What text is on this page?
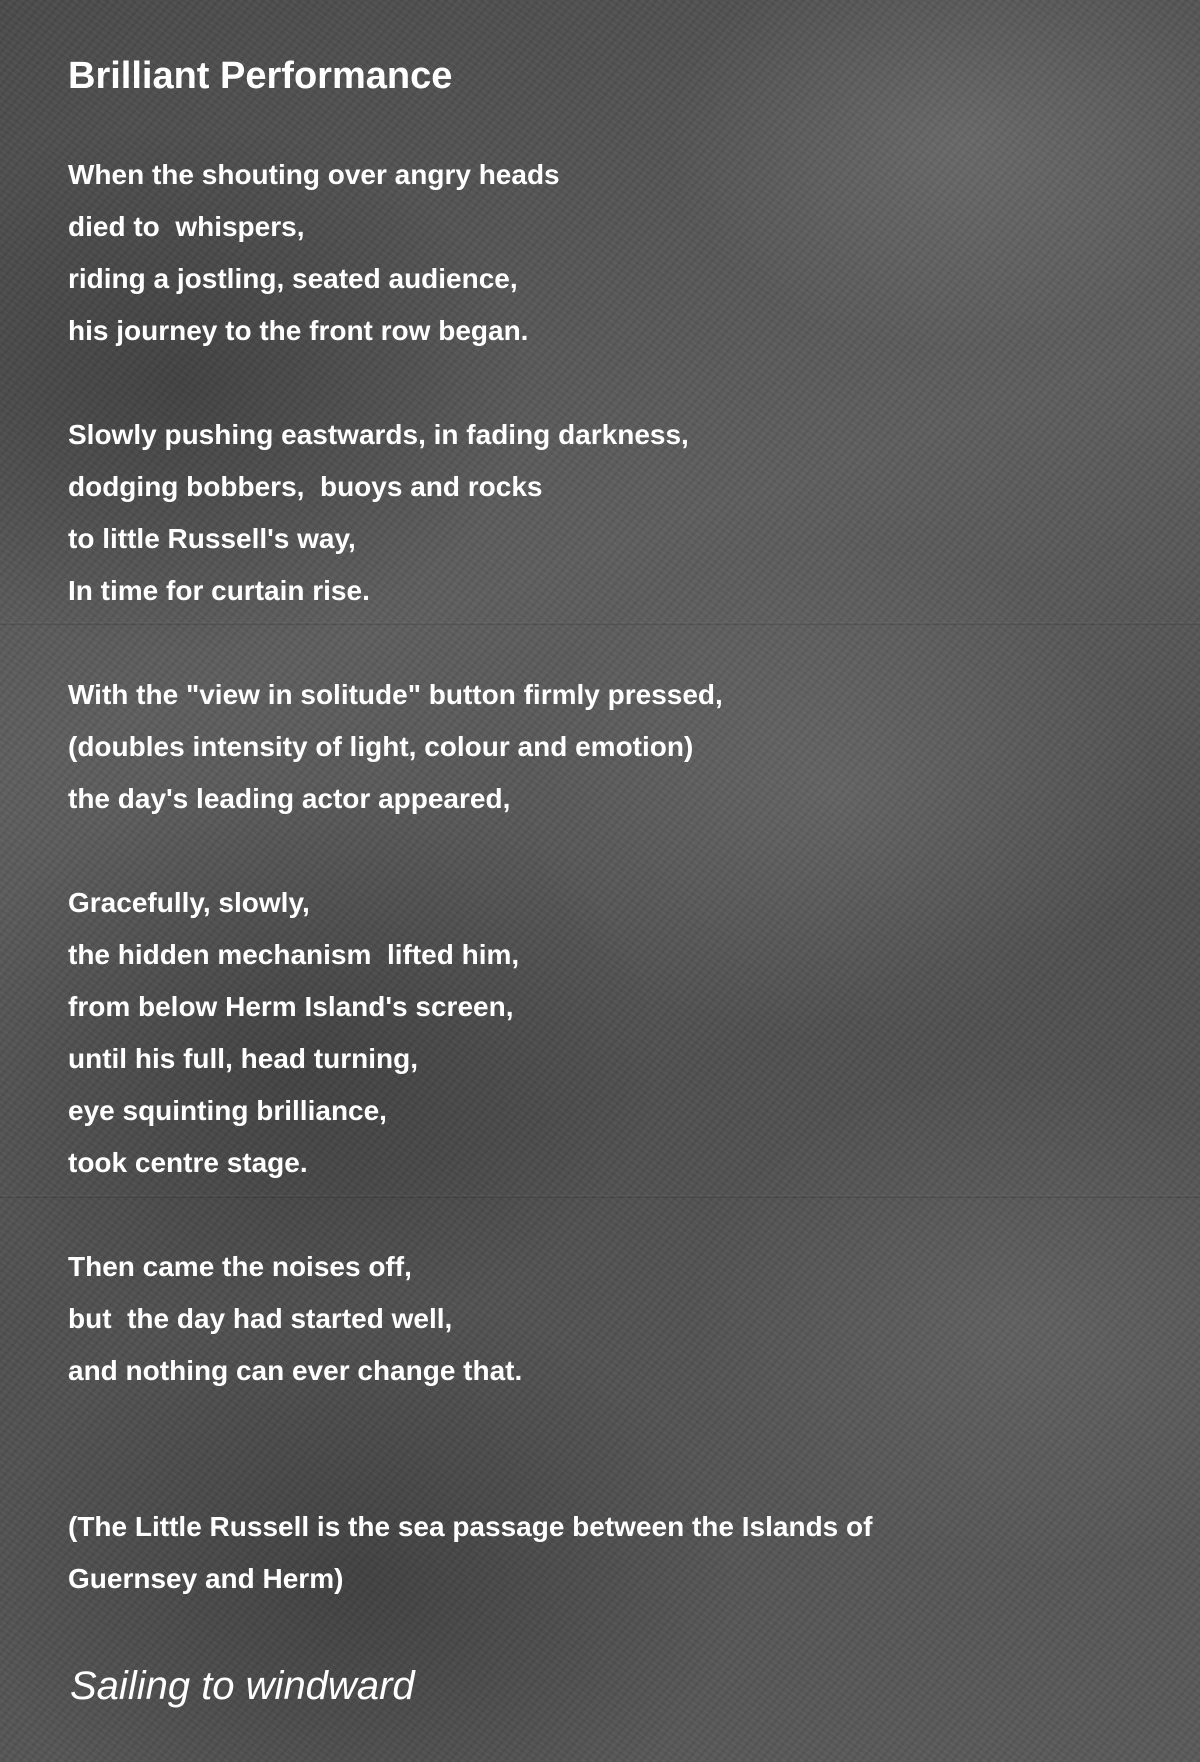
Brilliant Performance

When the shouting over angry heads
died to  whispers,
riding a jostling, seated audience,
his journey to the front row began.

Slowly pushing eastwards, in fading darkness,
dodging bobbers,  buoys and rocks
to little Russell's way,
In time for curtain rise.

With the "view in solitude" button firmly pressed,
(doubles intensity of light, colour and emotion)
the day's leading actor appeared,

Gracefully, slowly,
the hidden mechanism  lifted him,
from below Herm Island's screen,
until his full, head turning,
eye squinting brilliance,
took centre stage.

Then came the noises off,
but  the day had started well,
and nothing can ever change that.

(The Little Russell is the sea passage between the Islands of
Guernsey and Herm)

Sailing to windward
